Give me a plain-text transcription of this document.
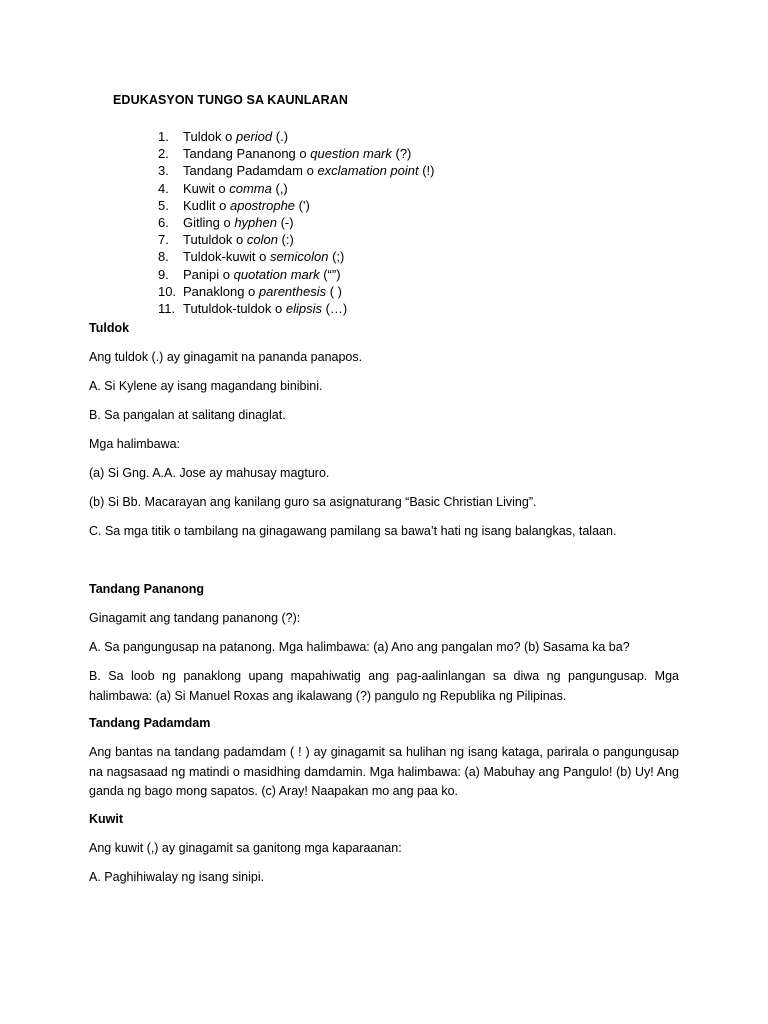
EDUKASYON TUNGO SA KAUNLARAN
1.	Tuldok o period (.)
2.	Tandang Pananong o question mark (?)
3.	Tandang Padamdam o exclamation point (!)
4.	Kuwit o comma (,)
5.	Kudlit o apostrophe (')
6.	Gitling o hyphen (-)
7.	Tutuldok o colon (:)
8.	Tuldok-kuwit o semicolon (;)
9.	Panipi o quotation mark (“”)
10. Panaklong o parenthesis ( )
11. Tutuldok-tuldok o elipsis (…)

Tuldok

Ang tuldok (.) ay ginagamit na pananda panapos.

A. Si Kylene ay isang magandang binibini.

B. Sa pangalan at salitang dinaglat.

Mga halimbawa:

(a) Si Gng. A.A. Jose ay mahusay magturo.

(b) Si Bb. Macarayan ang kanilang guro sa asignaturang “Basic Christian Living”.

C. Sa mga titik o tambilang na ginagawang pamilang sa bawa’t hati ng isang balangkas, talaan.

Tandang Pananong

Ginagamit ang tandang pananong (?):

A. Sa pangungusap na patanong. Mga halimbawa: (a) Ano ang pangalan mo? (b) Sasama ka ba?

B. Sa loob ng panaklong upang mapahiwatig ang pag-aalinlangan sa diwa ng pangungusap. Mga halimbawa: (a) Si Manuel Roxas ang ikalawang (?) pangulo ng Republika ng Pilipinas.

Tandang Padamdam

Ang bantas na tandang padamdam ( ! ) ay ginagamit sa hulihan ng isang kataga, parirala o pangungusap na nagsasaad ng matindi o masidhing damdamin. Mga halimbawa: (a) Mabuhay ang Pangulo! (b) Uy! Ang ganda ng bago mong sapatos. (c) Aray! Naapakan mo ang paa ko.

Kuwit

Ang kuwit (,) ay ginagamit sa ganitong mga kaparaanan:

A. Paghihiwalay ng isang sinipi.
